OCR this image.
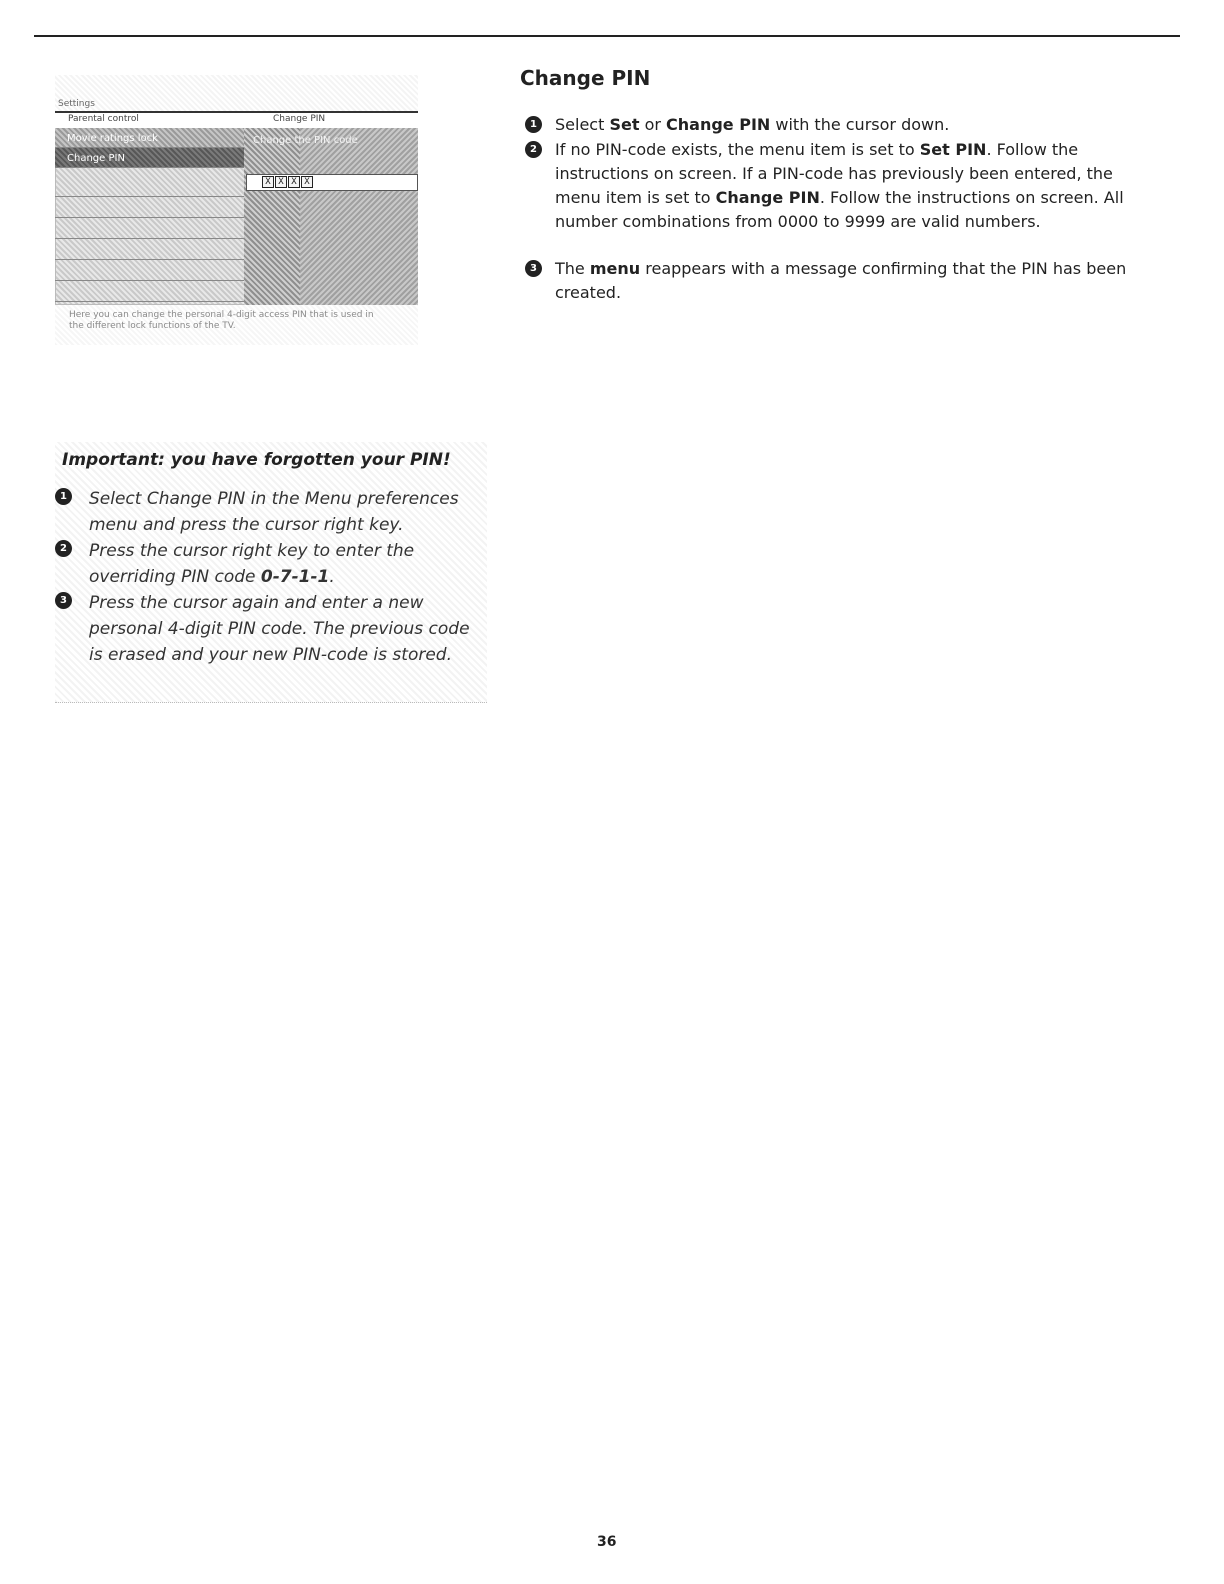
Settings
Parental control	Change PIN
Movie ratings lock
Change PIN
Change the PIN code
X X X X
Here you can change the personal 4-digit access PIN that is used in the different lock functions of the TV.
Important: you have forgotten your PIN!
1 Select Change PIN in the Menu preferences menu and press the cursor right key.
2 Press the cursor right key to enter the overriding PIN code 0-7-1-1.
3 Press the cursor again and enter a new personal 4-digit PIN code. The previous code is erased and your new PIN-code is stored.
Change PIN
1	Select Set or Change PIN with the cursor down.
2	If no PIN-code exists, the menu item is set to Set PIN. Follow the instructions on screen. If a PIN-code has previously been entered, the menu item is set to Change PIN. Follow the instructions on screen. All number combinations from 0000 to 9999 are valid numbers.
3	The menu reappears with a message confirming that the PIN has been created.
36
